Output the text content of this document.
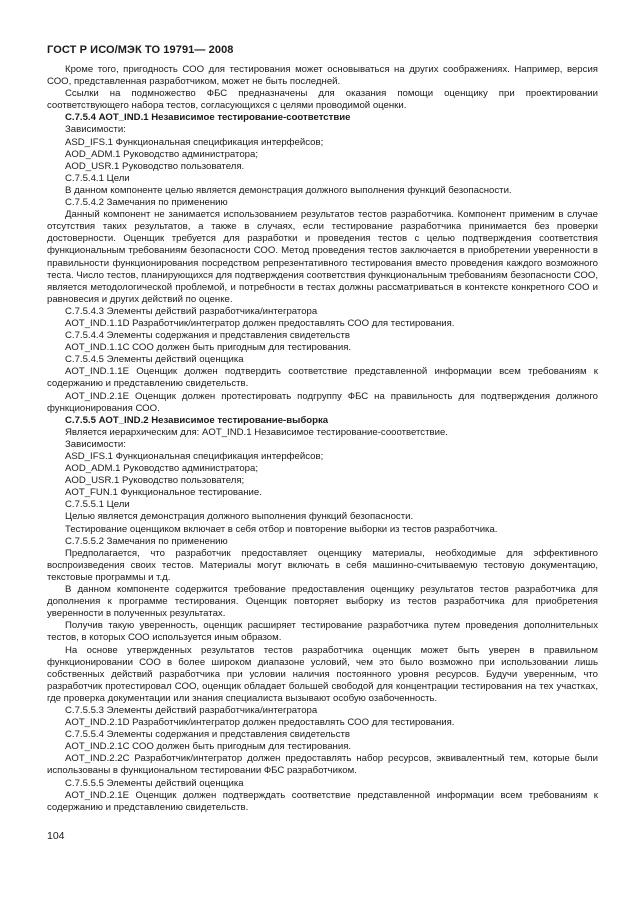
ГОСТ Р ИСО/МЭК ТО 19791— 2008

Кроме того, пригодность СОО для тестирования может основываться на других соображениях. Например, версия СОО, представленная разработчиком, может не быть последней.

Ссылки на подмножество ФБС предназначены для оказания помощи оценщику при проектировании соответствующего набора тестов, согласующихся с целями проводимой оценки.

С.7.5.4 АОТ_IND.1 Независимое тестирование-соответствие

Зависимости:

ASD_IFS.1 Функциональная спецификация интерфейсов;

AOD_ADM.1 Руководство администратора;

AOD_USR.1 Руководство пользователя.

С.7.5.4.1 Цели

В данном компоненте целью является демонстрация должного выполнения функций безопасности.

С.7.5.4.2 Замечания по применению

Данный компонент не занимается использованием результатов тестов разработчика. Компонент применим в случае отсутствия таких результатов, а также в случаях, если тестирование разработчика принимается без проверки достоверности. Оценщик требуется для разработки и проведения тестов с целью подтверждения соответствия функциональным требованиям безопасности СОО. Метод проведения тестов заключается в приобретении уверенности в правильности функционирования посредством репрезентативного тестирования вместо проведения каждого возможного теста. Число тестов, планирующихся для подтверждения соответствия функциональным требованиям безопасности СОО, является методологической проблемой, и потребности в тестах должны рассматриваться в контексте конкретного СОО и равновесия и других действий по оценке.

С.7.5.4.3 Элементы действий разработчика/интегратора

AOT_IND.1.1D Разработчик/интегратор должен предоставлять СОО для тестирования.

С.7.5.4.4 Элементы содержания и представления свидетельств

AOT_IND.1.1C СОО должен быть пригодным для тестирования.

С.7.5.4.5 Элементы действий оценщика

AOT_IND.1.1E Оценщик должен подтвердить соответствие представленной информации всем требованиям к содержанию и представлению свидетельств.

AOT_IND.2.1E Оценщик должен протестировать подгруппу ФБС на правильность для подтверждения должного функционирования СОО.

С.7.5.5 АОТ_IND.2 Независимое тестирование-выборка

Является иерархическим для: AOT_IND.1 Независимое тестирование-сооответствие.

Зависимости:

ASD_IFS.1 Функциональная спецификация интерфейсов;

AOD_ADM.1 Руководство администратора;

AOD_USR.1 Руководство пользователя;

AOT_FUN.1 Функциональное тестирование.

С.7.5.5.1 Цели

Целью является демонстрация должного выполнения функций безопасности.

Тестирование оценщиком включает в себя отбор и повторение выборки из тестов разработчика.

С.7.5.5.2 Замечания по применению

Предполагается, что разработчик предоставляет оценщику материалы, необходимые для эффективного воспроизведения своих тестов. Материалы могут включать в себя машинно-считываемую тестовую документацию, текстовые программы и т.д.

В данном компоненте содержится требование предоставления оценщику результатов тестов разработчика для дополнения к программе тестирования. Оценщик повторяет выборку из тестов разработчика для приобретения уверенности в полученных результатах.

Получив такую уверенность, оценщик расширяет тестирование разработчика путем проведения дополнительных тестов, в которых СОО используется иным образом.

На основе утвержденных результатов тестов разработчика оценщик может быть уверен в правильном функционировании СОО в более широком диапазоне условий, чем это было возможно при использовании лишь собственных действий разработчика при условии наличия постоянного уровня ресурсов. Будучи уверенным, что разработчик протестировал СОО, оценщик обладает большей свободой для концентрации тестирования на тех участках, где проверка документации или знания специалиста вызывают особую озабоченность.

С.7.5.5.3 Элементы действий разработчика/интегратора

AOT_IND.2.1D Разработчик/интегратор должен предоставлять СОО для тестирования.

С.7.5.5.4 Элементы содержания и представления свидетельств

AOT_IND.2.1C СОО должен быть пригодным для тестирования.

AOT_IND.2.2C Разработчик/интегратор должен предоставлять набор ресурсов, эквивалентный тем, которые были использованы в функциональном тестировании ФБС разработчиком.

С.7.5.5.5 Элементы действий оценщика

AOT_IND.2.1E Оценщик должен подтверждать соответствие представленной информации всем требованиям к содержанию и представлению свидетельств.

104
